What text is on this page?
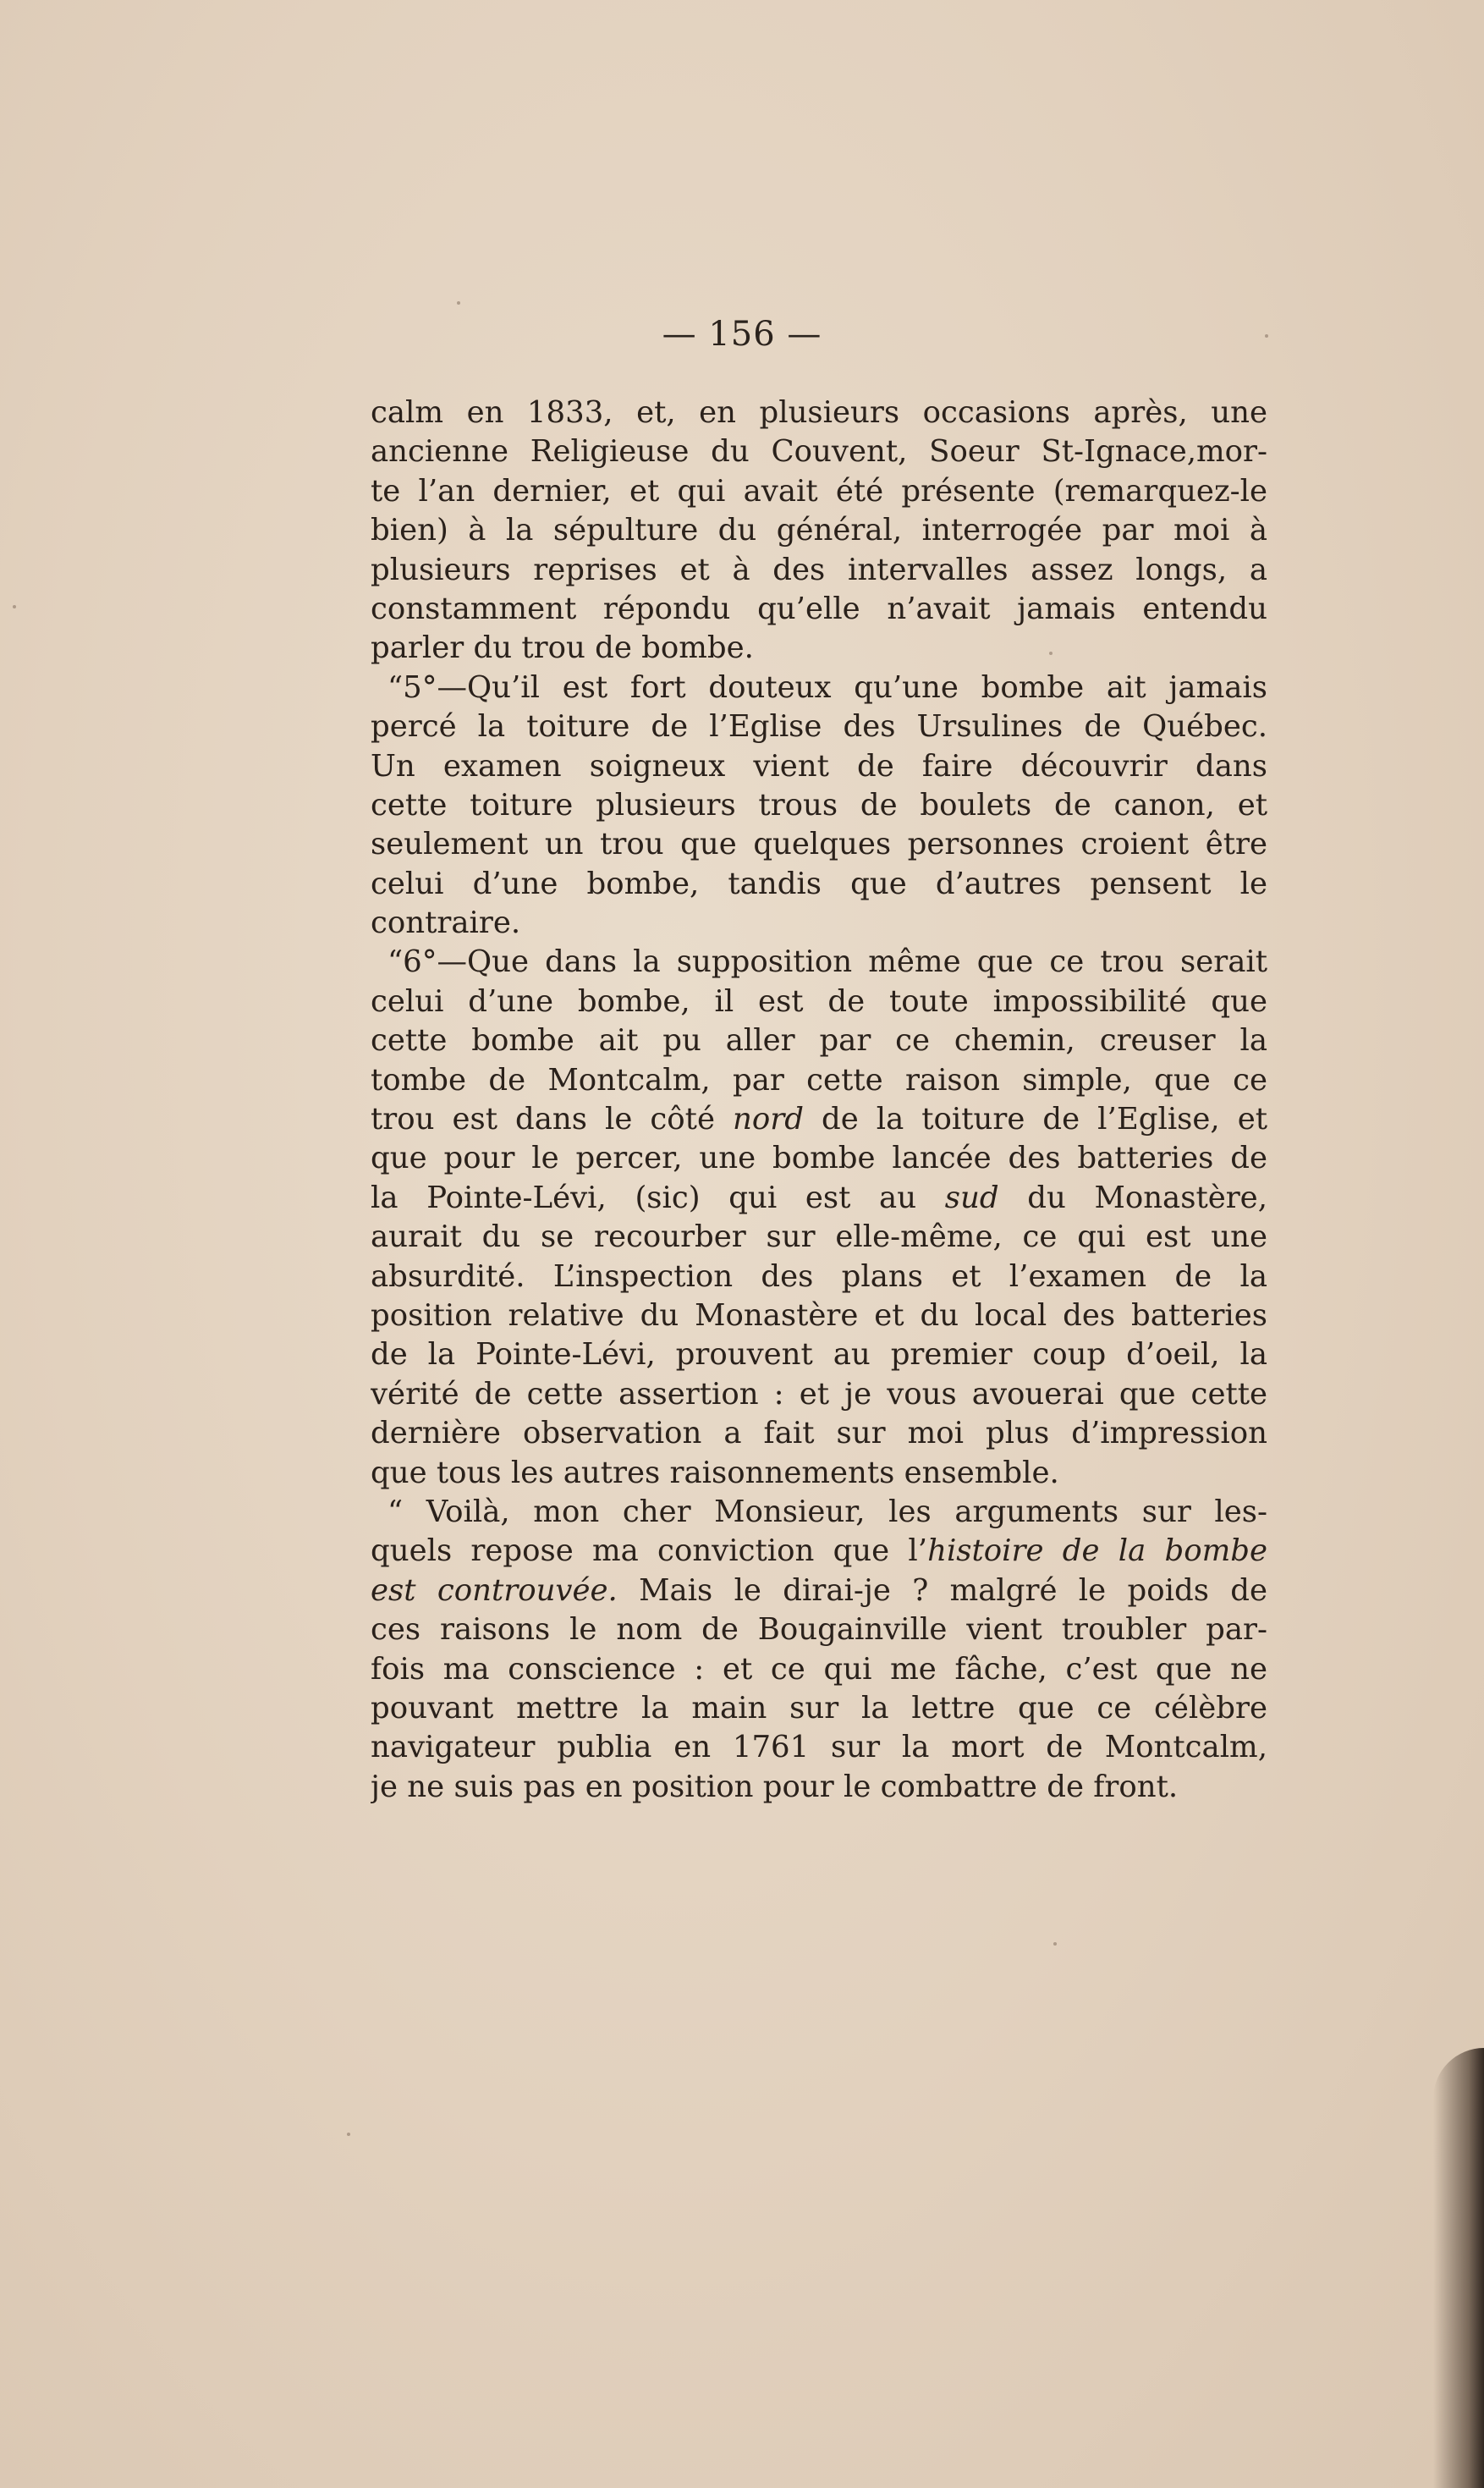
— 156 —
calm en 1833, et, en plusieurs occasions après, une
ancienne Religieuse du Couvent, Soeur St-Ignace,mor-
te l’an dernier, et qui avait été présente (remarquez-le
bien) à la sépulture du général, interrogée par moi à
plusieurs reprises et à des intervalles assez longs, a
constamment répondu qu’elle n’avait jamais entendu
parler du trou de bombe.
“5°—Qu’il est fort douteux qu’une bombe ait jamais
percé la toiture de l’Eglise des Ursulines de Québec.
Un examen soigneux vient de faire découvrir dans
cette toiture plusieurs trous de boulets de canon, et
seulement un trou que quelques personnes croient être
celui d’une bombe, tandis que d’autres pensent le
contraire.
“6°—Que dans la supposition même que ce trou serait
celui d’une bombe, il est de toute impossibilité que
cette bombe ait pu aller par ce chemin, creuser la
tombe de Montcalm, par cette raison simple, que ce
trou est dans le côté nord de la toiture de l’Eglise, et
que pour le percer, une bombe lancée des batteries de
la Pointe-Lévi, (sic) qui est au sud du Monastère,
aurait du se recourber sur elle-même, ce qui est une
absurdité. L’inspection des plans et l’examen de la
position relative du Monastère et du local des batteries
de la Pointe-Lévi, prouvent au premier coup d’oeil, la
vérité de cette assertion : et je vous avouerai que cette
dernière observation a fait sur moi plus d’impression
que tous les autres raisonnements ensemble.
“ Voilà, mon cher Monsieur, les arguments sur les-
quels repose ma conviction que l’histoire de la bombe
est controuvée. Mais le dirai-je ? malgré le poids de
ces raisons le nom de Bougainville vient troubler par-
fois ma conscience : et ce qui me fâche, c’est que ne
pouvant mettre la main sur la lettre que ce célèbre
navigateur publia en 1761 sur la mort de Montcalm,
je ne suis pas en position pour le combattre de front.
